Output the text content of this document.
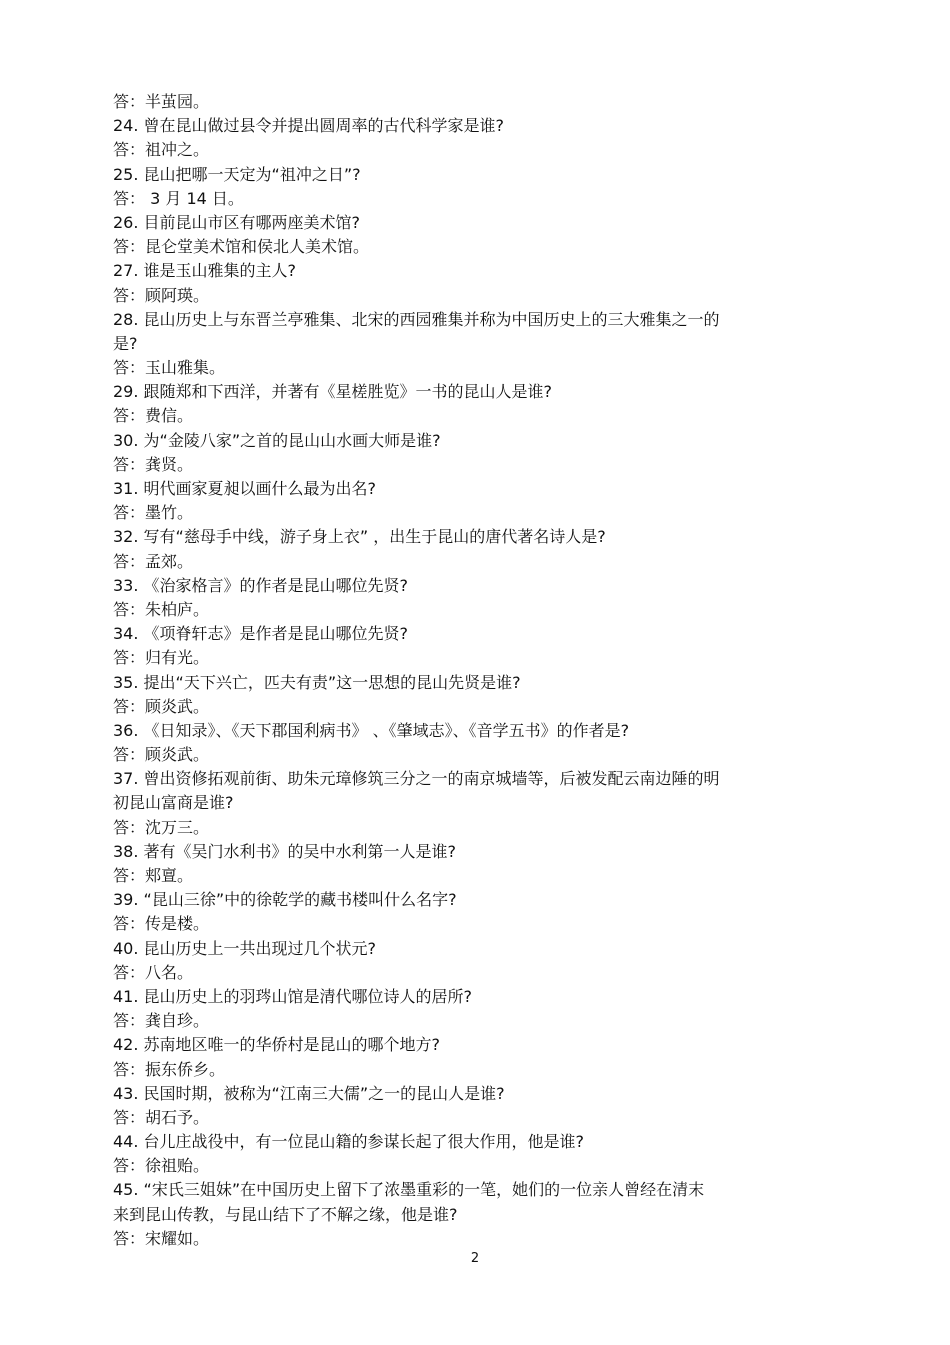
答：半茧园。
24. 曾在昆山做过县令并提出圆周率的古代科学家是谁?
答：祖冲之。
25. 昆山把哪一天定为“祖冲之日”?
答： 3 月 14 日。
26. 目前昆山市区有哪两座美术馆?
答：昆仑堂美术馆和侯北人美术馆。
27. 谁是玉山雅集的主人?
答：顾阿瑛。
28. 昆山历史上与东晋兰亭雅集、北宋的西园雅集并称为中国历史上的三大雅集之一的
是?
答：玉山雅集。
29. 跟随郑和下西洋，并著有《星槎胜览》一书的昆山人是谁?
答：费信。
30. 为“金陵八家”之首的昆山山水画大师是谁?
答：龚贤。
31. 明代画家夏昶以画什么最为出名?
答：墨竹。
32. 写有“慈母手中线，游子身上衣” ，出生于昆山的唐代著名诗人是?
答：孟郊。
33. 《治家格言》的作者是昆山哪位先贤?
答：朱柏庐。
34. 《项脊轩志》是作者是昆山哪位先贤?
答：归有光。
35. 提出“天下兴亡，匹夫有责”这一思想的昆山先贤是谁?
答：顾炎武。
36. 《日知录》、《天下郡国利病书》 、《肇域志》、《音学五书》的作者是?
答：顾炎武。
37. 曾出资修拓观前街、助朱元璋修筑三分之一的南京城墙等，后被发配云南边陲的明
初昆山富商是谁?
答：沈万三。
38. 著有《吴门水利书》的吴中水利第一人是谁?
答：郏亶。
39. “昆山三徐”中的徐乾学的藏书楼叫什么名字?
答：传是楼。
40. 昆山历史上一共出现过几个状元?
答：八名。
41. 昆山历史上的羽琌山馆是清代哪位诗人的居所?
答：龚自珍。
42. 苏南地区唯一的华侨村是昆山的哪个地方?
答：振东侨乡。
43. 民国时期，被称为“江南三大儒”之一的昆山人是谁?
答：胡石予。
44. 台儿庄战役中，有一位昆山籍的参谋长起了很大作用，他是谁?
答：徐祖贻。
45. “宋氏三姐妹”在中国历史上留下了浓墨重彩的一笔，她们的一位亲人曾经在清末
来到昆山传教，与昆山结下了不解之缘，他是谁?
答：宋耀如。
2
